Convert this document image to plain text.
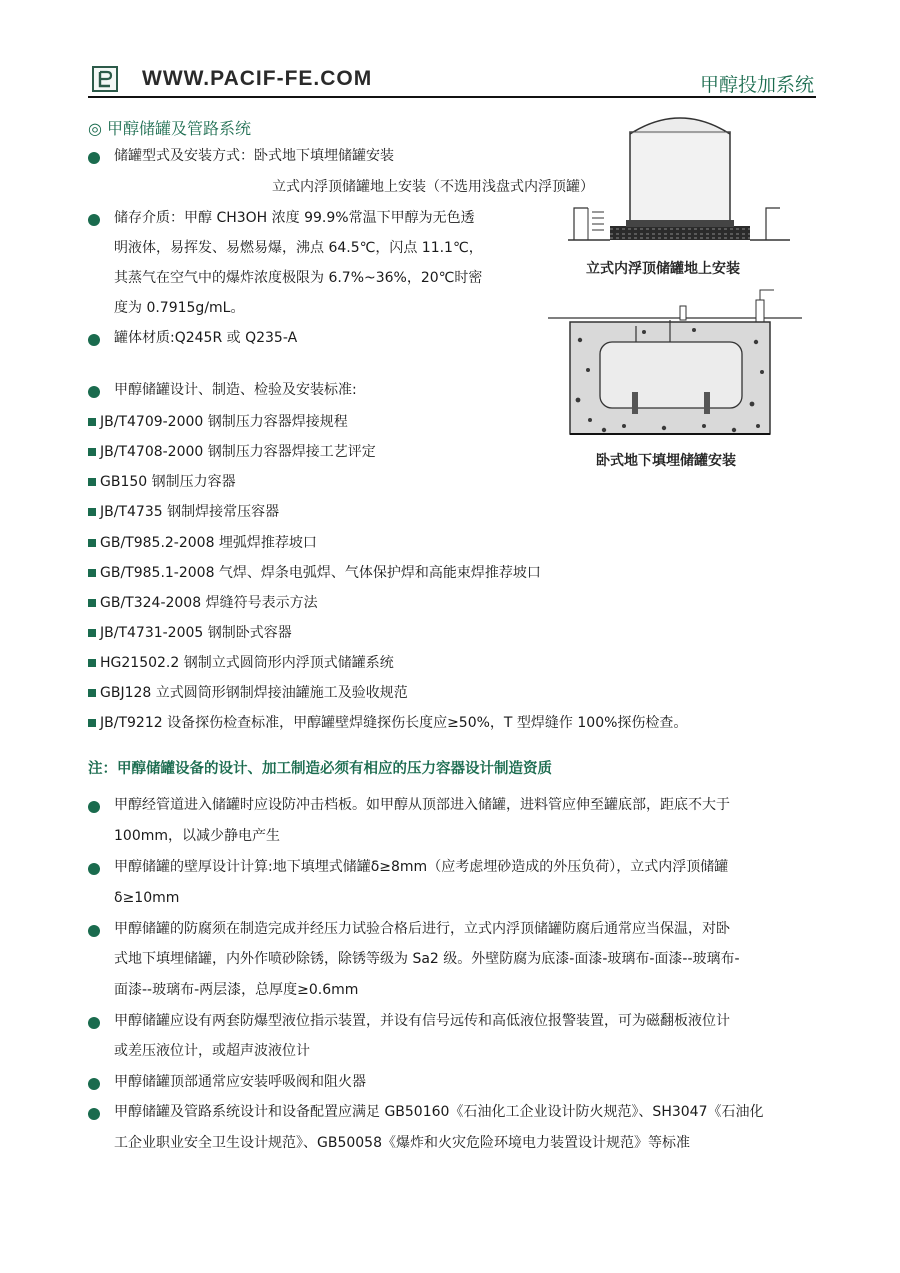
WWW.PACIF-FE.COM	甲醇投加系统
◎ 甲醇储罐及管路系统
储罐型式及安装方式：卧式地下填埋储罐安装
立式内浮顶储罐地上安装（不选用浅盘式内浮顶罐）
储存介质：甲醇 CH3OH 浓度 99.9%常温下甲醇为无色透
明液体，易挥发、易燃易爆，沸点 64.5℃，闪点 11.1℃，
其蒸气在空气中的爆炸浓度极限为 6.7%~36%，20℃时密
度为 0.7915g/mL。
罐体材质:Q245R 或 Q235-A
甲醇储罐设计、制造、检验及安装标准:
立式内浮顶储罐地上安装
卧式地下填埋储罐安装
JB/T4709-2000 钢制压力容器焊接规程
JB/T4708-2000 钢制压力容器焊接工艺评定
GB150 钢制压力容器
JB/T4735 钢制焊接常压容器
GB/T985.2-2008 埋弧焊推荐坡口
GB/T985.1-2008 气焊、焊条电弧焊、气体保护焊和高能束焊推荐坡口
GB/T324-2008 焊缝符号表示方法
JB/T4731-2005 钢制卧式容器
HG21502.2 钢制立式圆筒形内浮顶式储罐系统
GBJ128 立式圆筒形钢制焊接油罐施工及验收规范
JB/T9212 设备探伤检查标准，甲醇罐壁焊缝探伤长度应≥50%，T 型焊缝作 100%探伤检查。
注：甲醇储罐设备的设计、加工制造必须有相应的压力容器设计制造资质
甲醇经管道进入储罐时应设防冲击档板。如甲醇从顶部进入储罐，进料管应伸至罐底部，距底不大于
100mm，以减少静电产生
甲醇储罐的壁厚设计计算:地下填埋式储罐δ≥8mm（应考虑埋砂造成的外压负荷），立式内浮顶储罐
δ≥10mm
甲醇储罐的防腐须在制造完成并经压力试验合格后进行，立式内浮顶储罐防腐后通常应当保温，对卧
式地下填埋储罐，内外作喷砂除锈，除锈等级为 Sa2 级。外壁防腐为底漆-面漆-玻璃布-面漆--玻璃布-
面漆--玻璃布-两层漆，总厚度≥0.6mm
甲醇储罐应设有两套防爆型液位指示装置，并设有信号远传和高低液位报警装置，可为磁翻板液位计
或差压液位计，或超声波液位计
甲醇储罐顶部通常应安装呼吸阀和阻火器
甲醇储罐及管路系统设计和设备配置应满足 GB50160《石油化工企业设计防火规范》、SH3047《石油化
工企业职业安全卫生设计规范》、GB50058《爆炸和火灾危险环境电力装置设计规范》等标准
